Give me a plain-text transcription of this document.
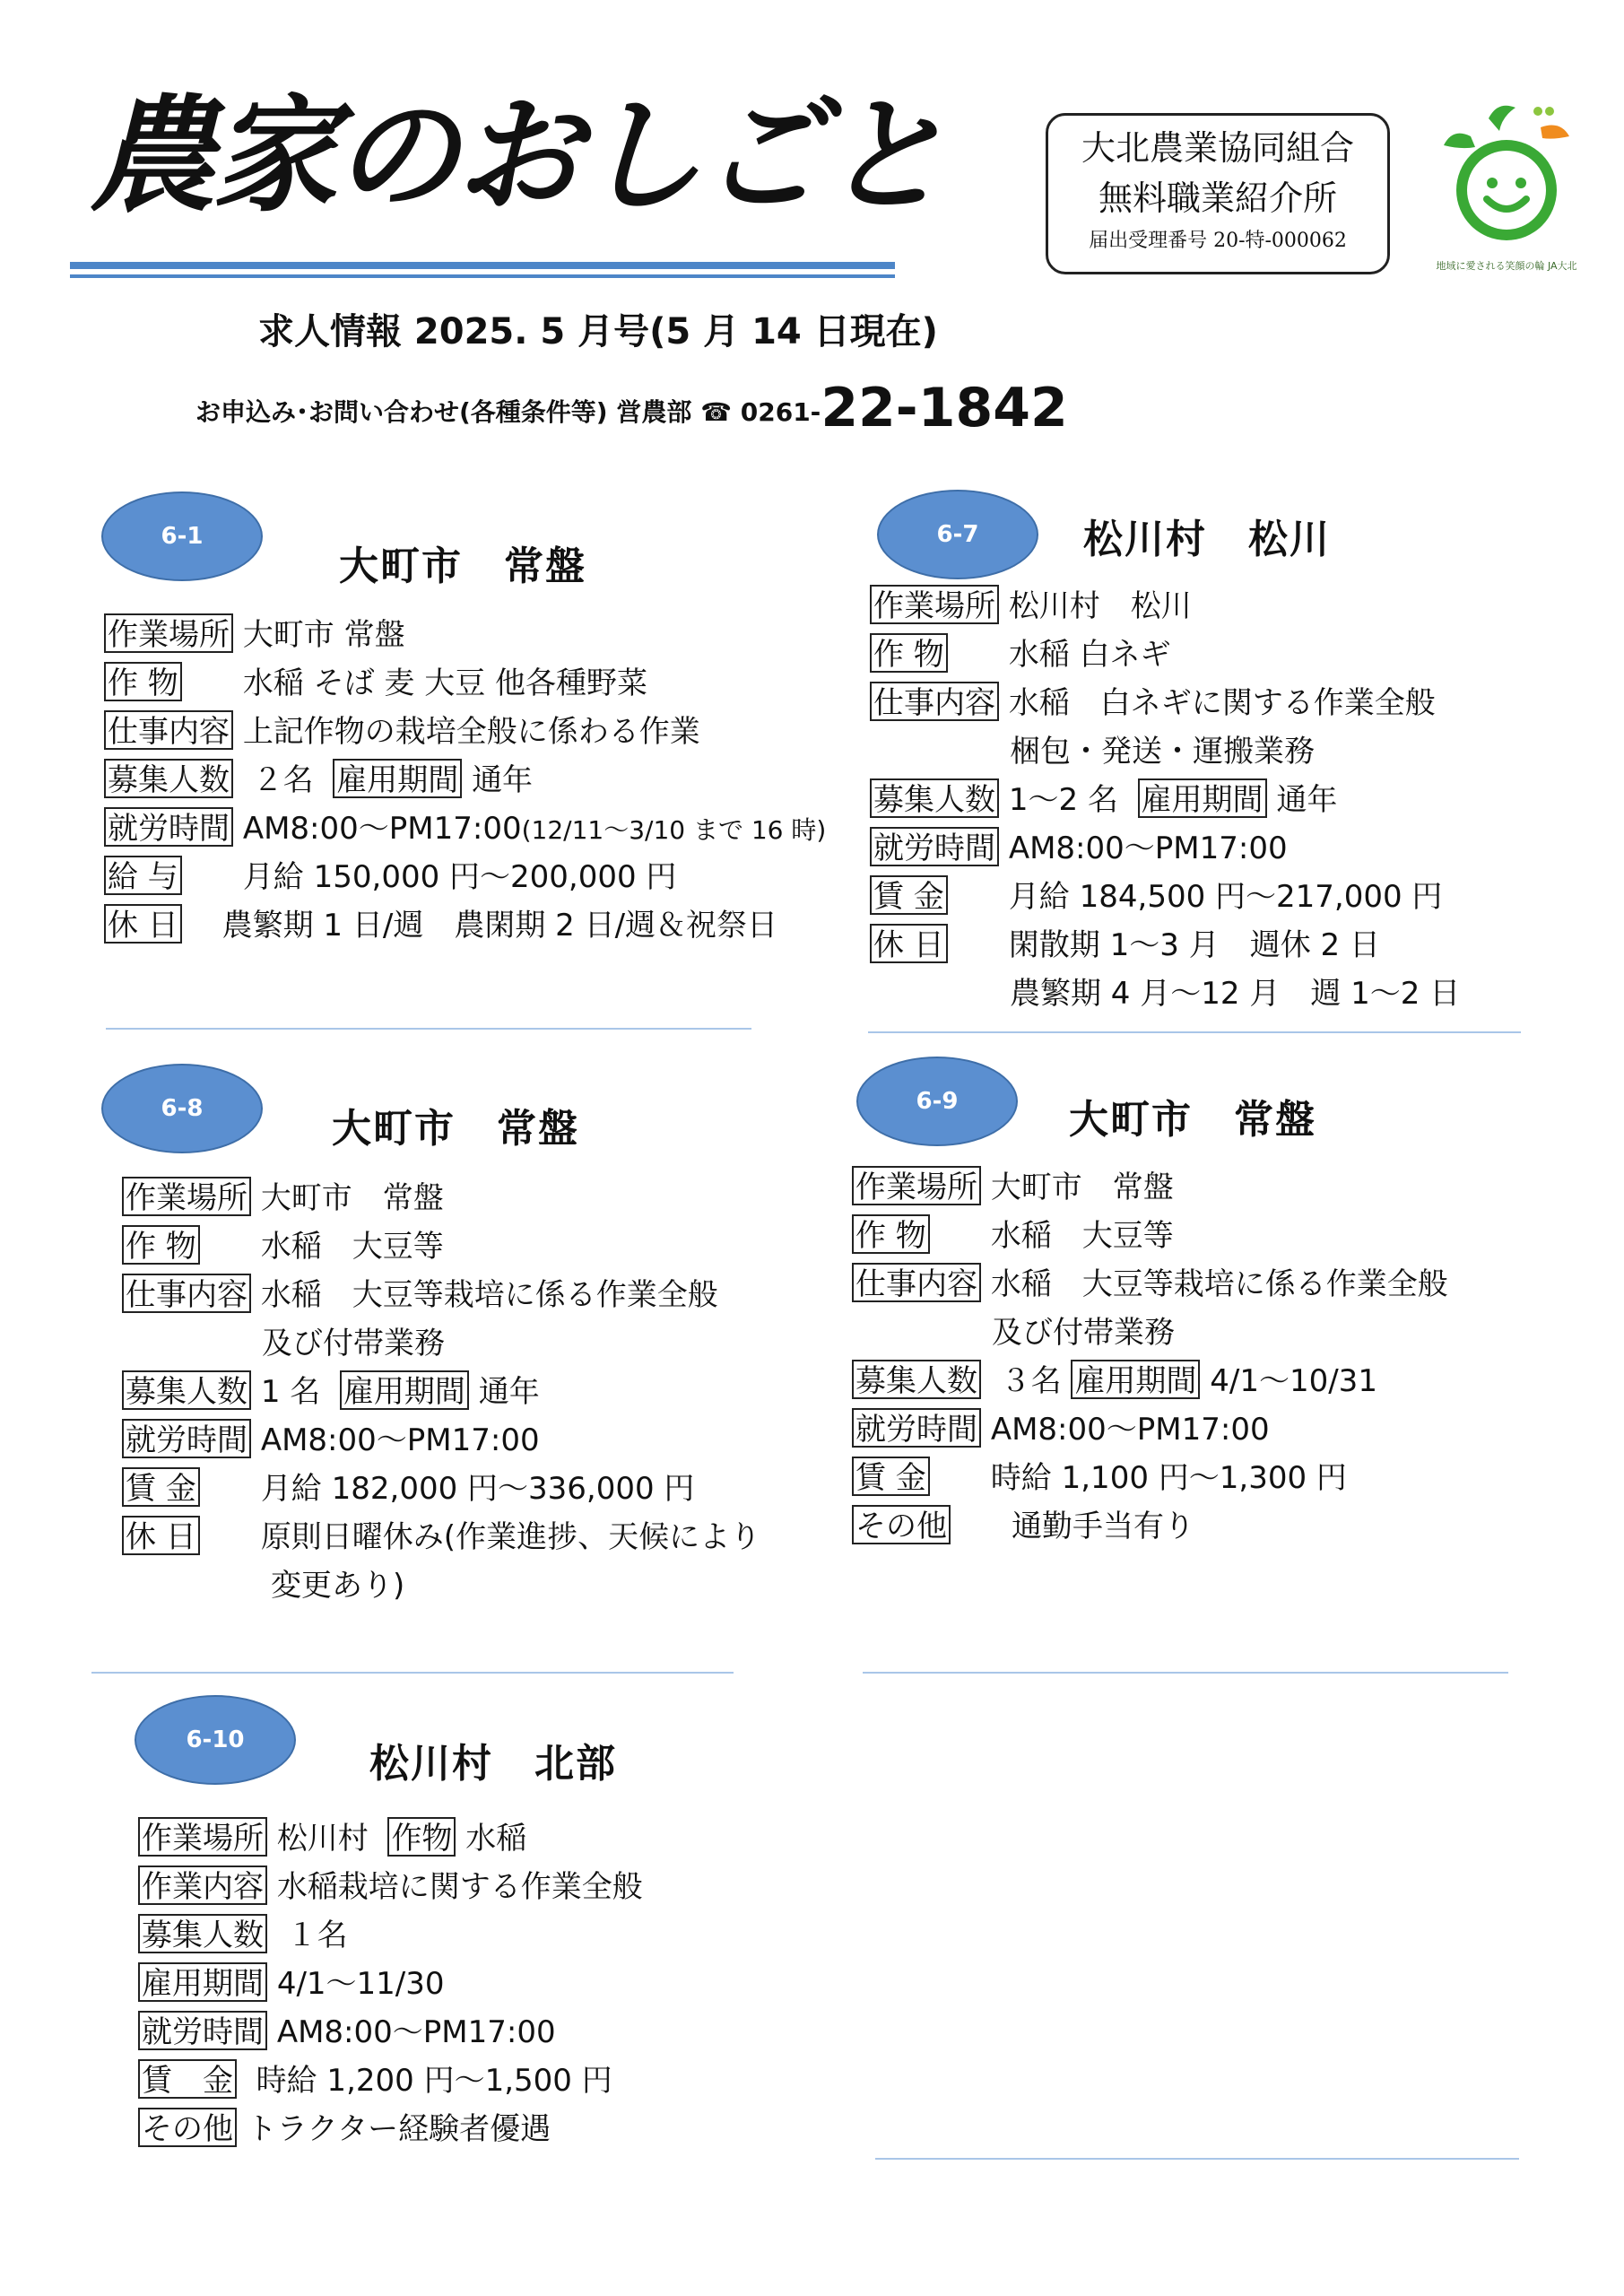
農家のおしごと	大北農業協同組合
無料職業紹介所
届出受理番号 20-特-000062
地域に愛される笑顔の輪 JA大北
求人情報 2025. 5 月号(5 月 14 日現在)
お申込み･お問い合わせ(各種条件等) 営農部 ☎ 0261-22-1842
6-1
大町市　常盤
作業場所 大町市 常盤
作 物　　 水稲 そば 麦 大豆 他各種野菜
仕事内容 上記作物の栽培全般に係わる作業
募集人数 ２名 雇用期間 通年
就労時間 AM8:00～PM17:00(12/11～3/10 まで 16 時)
給 与　　 月給 150,000 円～200,000 円
休 日　 農繁期 1 日/週　農閑期 2 日/週＆祝祭日
6-7	松川村　松川
作業場所 松川村　松川
作 物　　 水稲 白ネギ
仕事内容 水稲　白ネギに関する作業全般
梱包・発送・運搬業務
募集人数 1～2 名 雇用期間 通年
就労時間 AM8:00～PM17:00
賃 金　　 月給 184,500 円～217,000 円
休 日　　 閑散期 1～3 月　週休 2 日
農繁期 4 月～12 月　週 1～2 日
6-8	大町市　常盤
作業場所 大町市　常盤
作 物　　 水稲　大豆等
仕事内容 水稲　大豆等栽培に係る作業全般
及び付帯業務
募集人数 1 名 雇用期間 通年
就労時間 AM8:00～PM17:00
賃 金　　 月給 182,000 円～336,000 円
休 日　　 原則日曜休み(作業進捗、天候により
変更あり)
6-9	大町市　常盤
作業場所 大町市　常盤
作 物　　 水稲　大豆等
仕事内容 水稲　大豆等栽培に係る作業全般
及び付帯業務
募集人数 ３名 雇用期間 4/1～10/31
就労時間 AM8:00～PM17:00
賃 金　　 時給 1,100 円～1,300 円
その他　　 通勤手当有り
6-10
松川村　北部
作業場所 松川村 作物 水稲
作業内容 水稲栽培に関する作業全般
募集人数 １名
雇用期間 4/1～11/30
就労時間 AM8:00～PM17:00
賃　金 時給 1,200 円～1,500 円
その他 トラクター経験者優遇
